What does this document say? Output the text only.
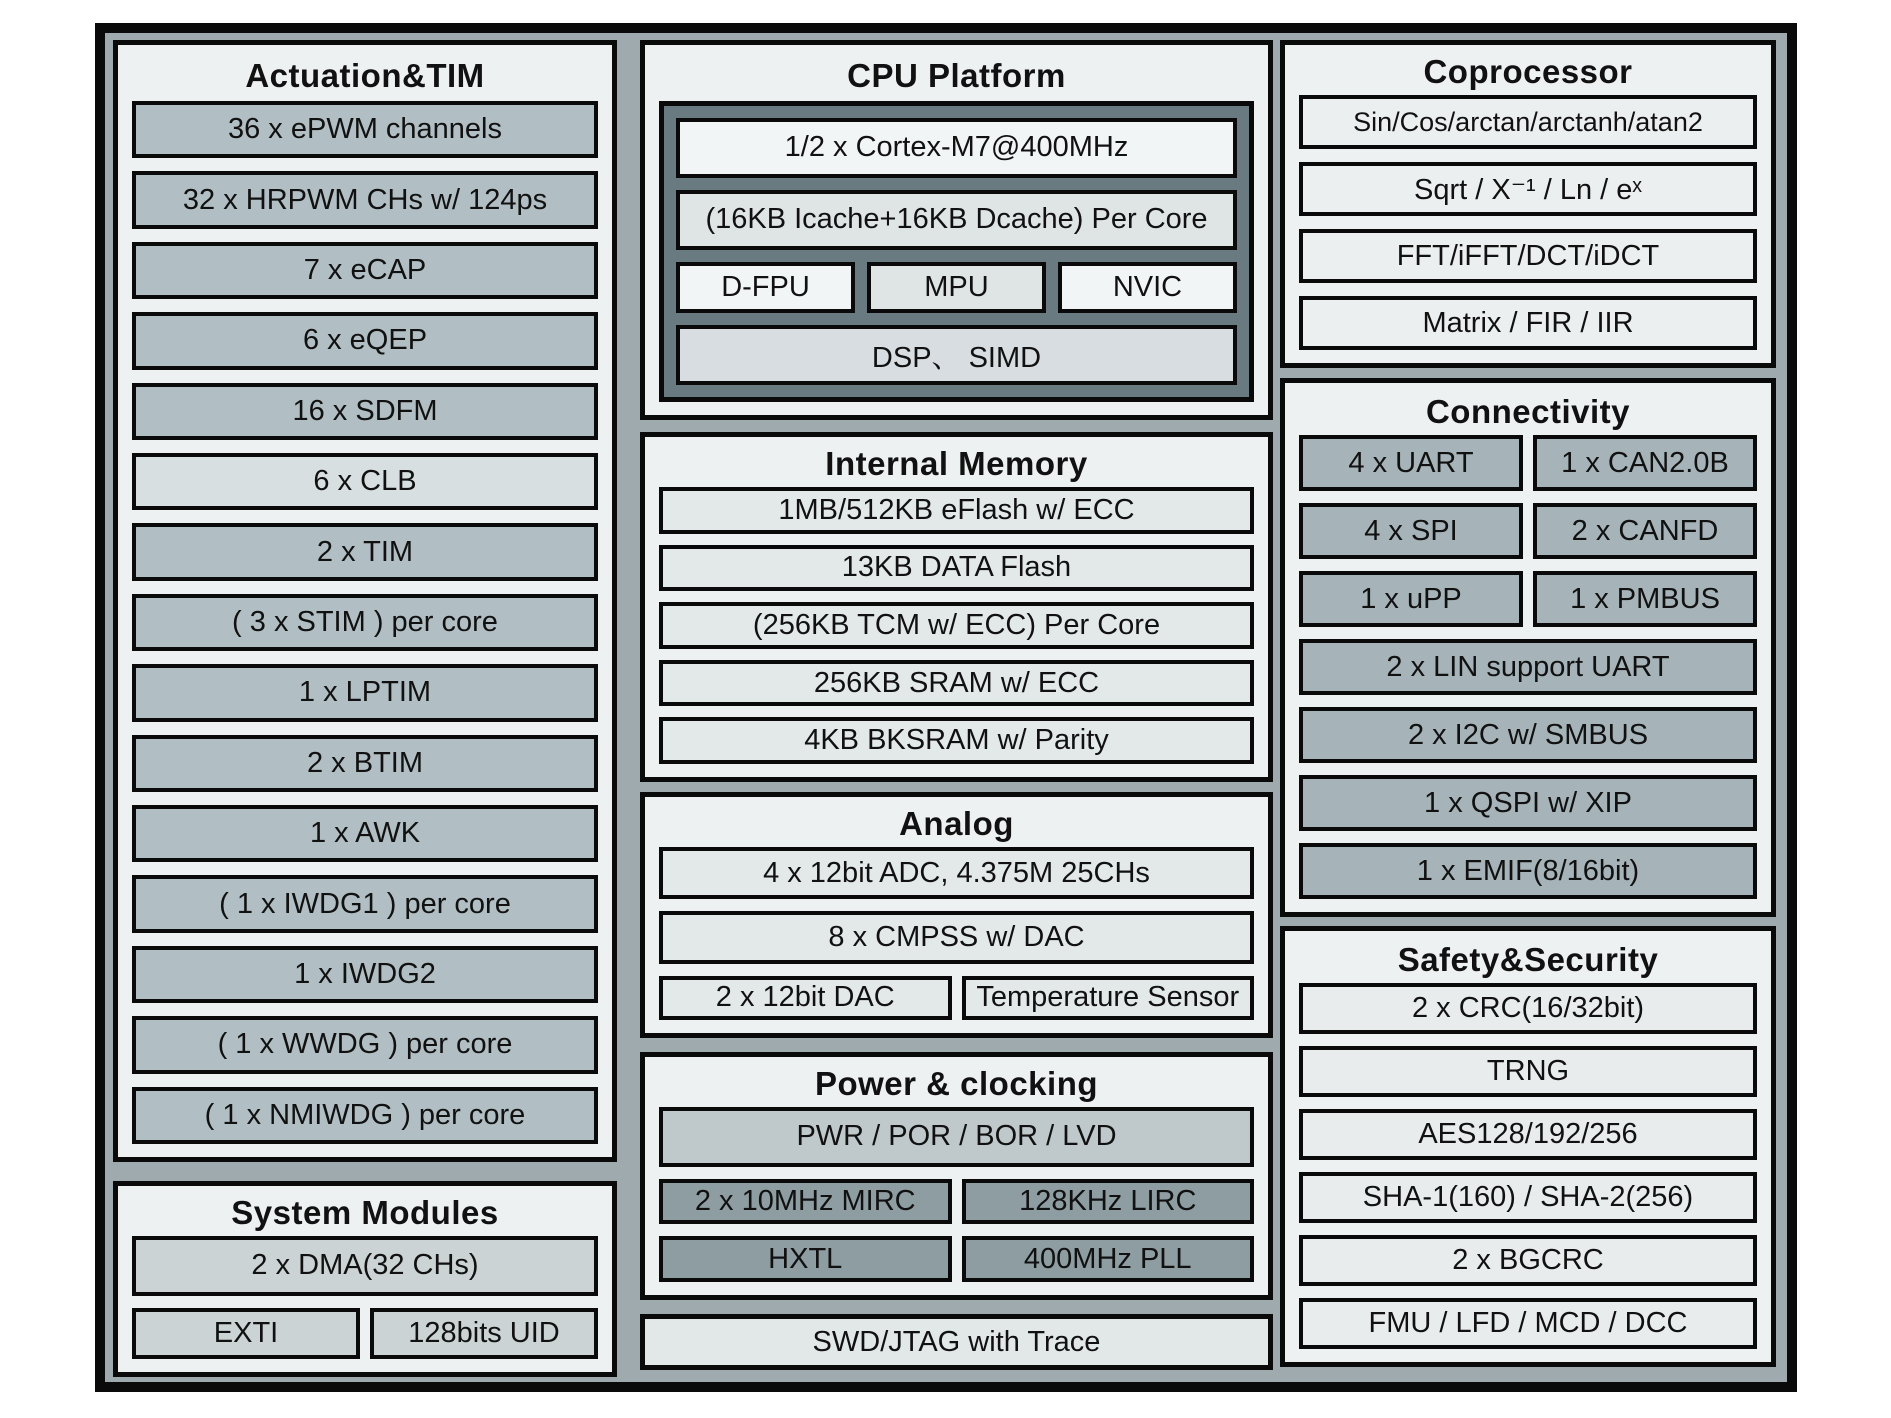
Actuation&TIM
36 x ePWM channels
32 x HRPWM CHs w/ 124ps
7 x eCAP
6 x eQEP
16 x SDFM
6 x CLB
2 x TIM
( 3 x STIM ) per core
1 x LPTIM
2 x BTIM
1 x AWK
( 1 x IWDG1 ) per core
1 x IWDG2
( 1 x WWDG ) per core
( 1 x NMIWDG ) per core
System Modules
2 x DMA(32 CHs)
EXTI	128bits UID
CPU Platform
1/2 x Cortex-M7@400MHz
(16KB Icache+16KB Dcache) Per Core
D-FPU	MPU	NVIC
DSP、 SIMD
Internal Memory
1MB/512KB eFlash w/ ECC
13KB DATA Flash
(256KB TCM w/ ECC) Per Core
256KB SRAM w/ ECC
4KB BKSRAM w/ Parity
Analog
4 x 12bit ADC, 4.375M 25CHs
8 x CMPSS w/ DAC
2 x 12bit DAC	Temperature Sensor
Power & clocking
PWR / POR / BOR / LVD
2 x 10MHz MIRC	128KHz LIRC
HXTL	400MHz PLL
SWD/JTAG with Trace
Coprocessor
Sin/Cos/arctan/arctanh/atan2
Sqrt / X⁻¹ / Ln / eˣ
FFT/iFFT/DCT/iDCT
Matrix / FIR / IIR
Connectivity
4 x UART	1 x CAN2.0B
4 x SPI	2 x CANFD
1 x uPP	1 x PMBUS
2 x LIN support UART
2 x I2C w/ SMBUS
1 x QSPI w/ XIP
1 x EMIF(8/16bit)
Safety&Security
2 x CRC(16/32bit)
TRNG
AES128/192/256
SHA-1(160) / SHA-2(256)
2 x BGCRC
FMU / LFD / MCD / DCC
